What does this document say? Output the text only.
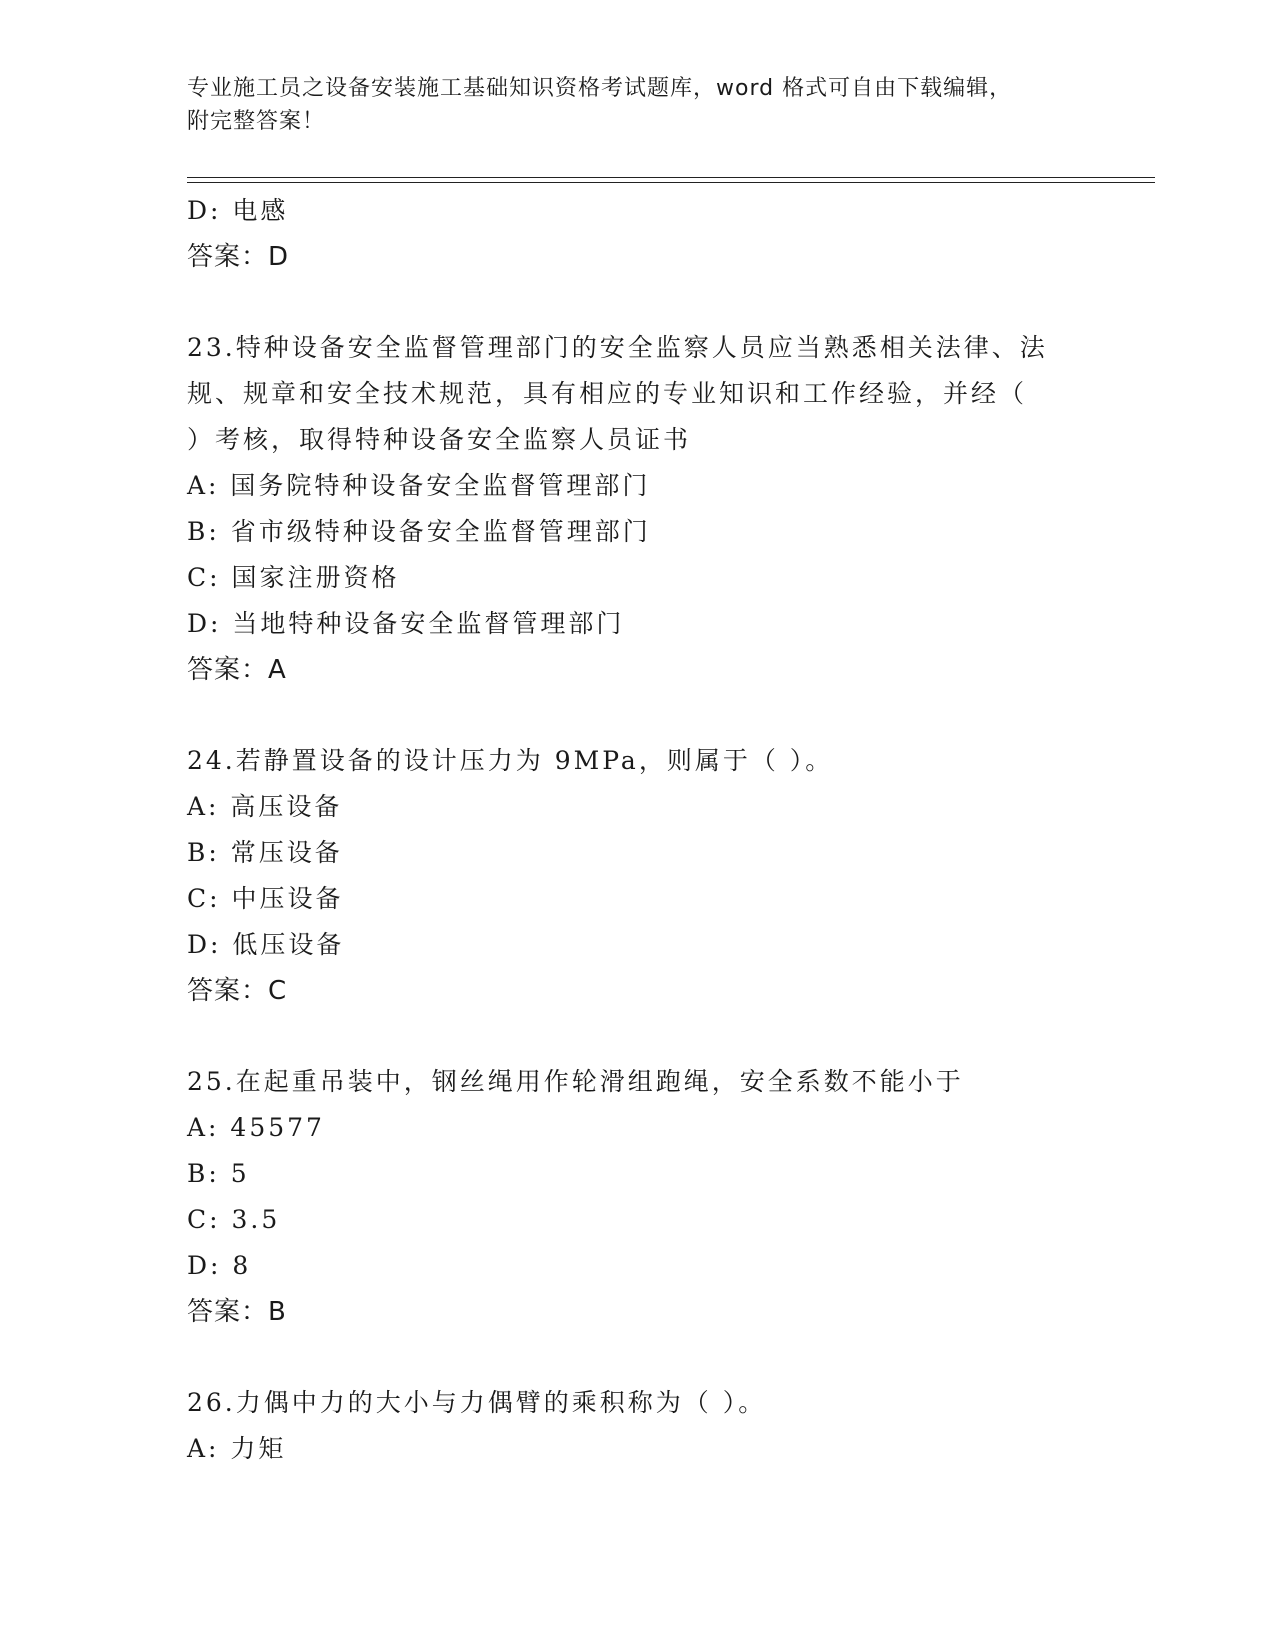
专业施工员之设备安装施工基础知识资格考试题库，word 格式可自由下载编辑，
附完整答案！
D: 电感
答案：D
23.特种设备安全监督管理部门的安全监察人员应当熟悉相关法律、法
规、规章和安全技术规范，具有相应的专业知识和工作经验，并经（
）考核，取得特种设备安全监察人员证书
A: 国务院特种设备安全监督管理部门
B: 省市级特种设备安全监督管理部门
C: 国家注册资格
D: 当地特种设备安全监督管理部门
答案：A
24.若静置设备的设计压力为 9MPa，则属于（ ）。
A: 高压设备
B: 常压设备
C: 中压设备
D: 低压设备
答案：C
25.在起重吊装中，钢丝绳用作轮滑组跑绳，安全系数不能小于
A: 45577
B: 5
C: 3.5
D: 8
答案：B
26.力偶中力的大小与力偶臂的乘积称为（ ）。
A: 力矩
